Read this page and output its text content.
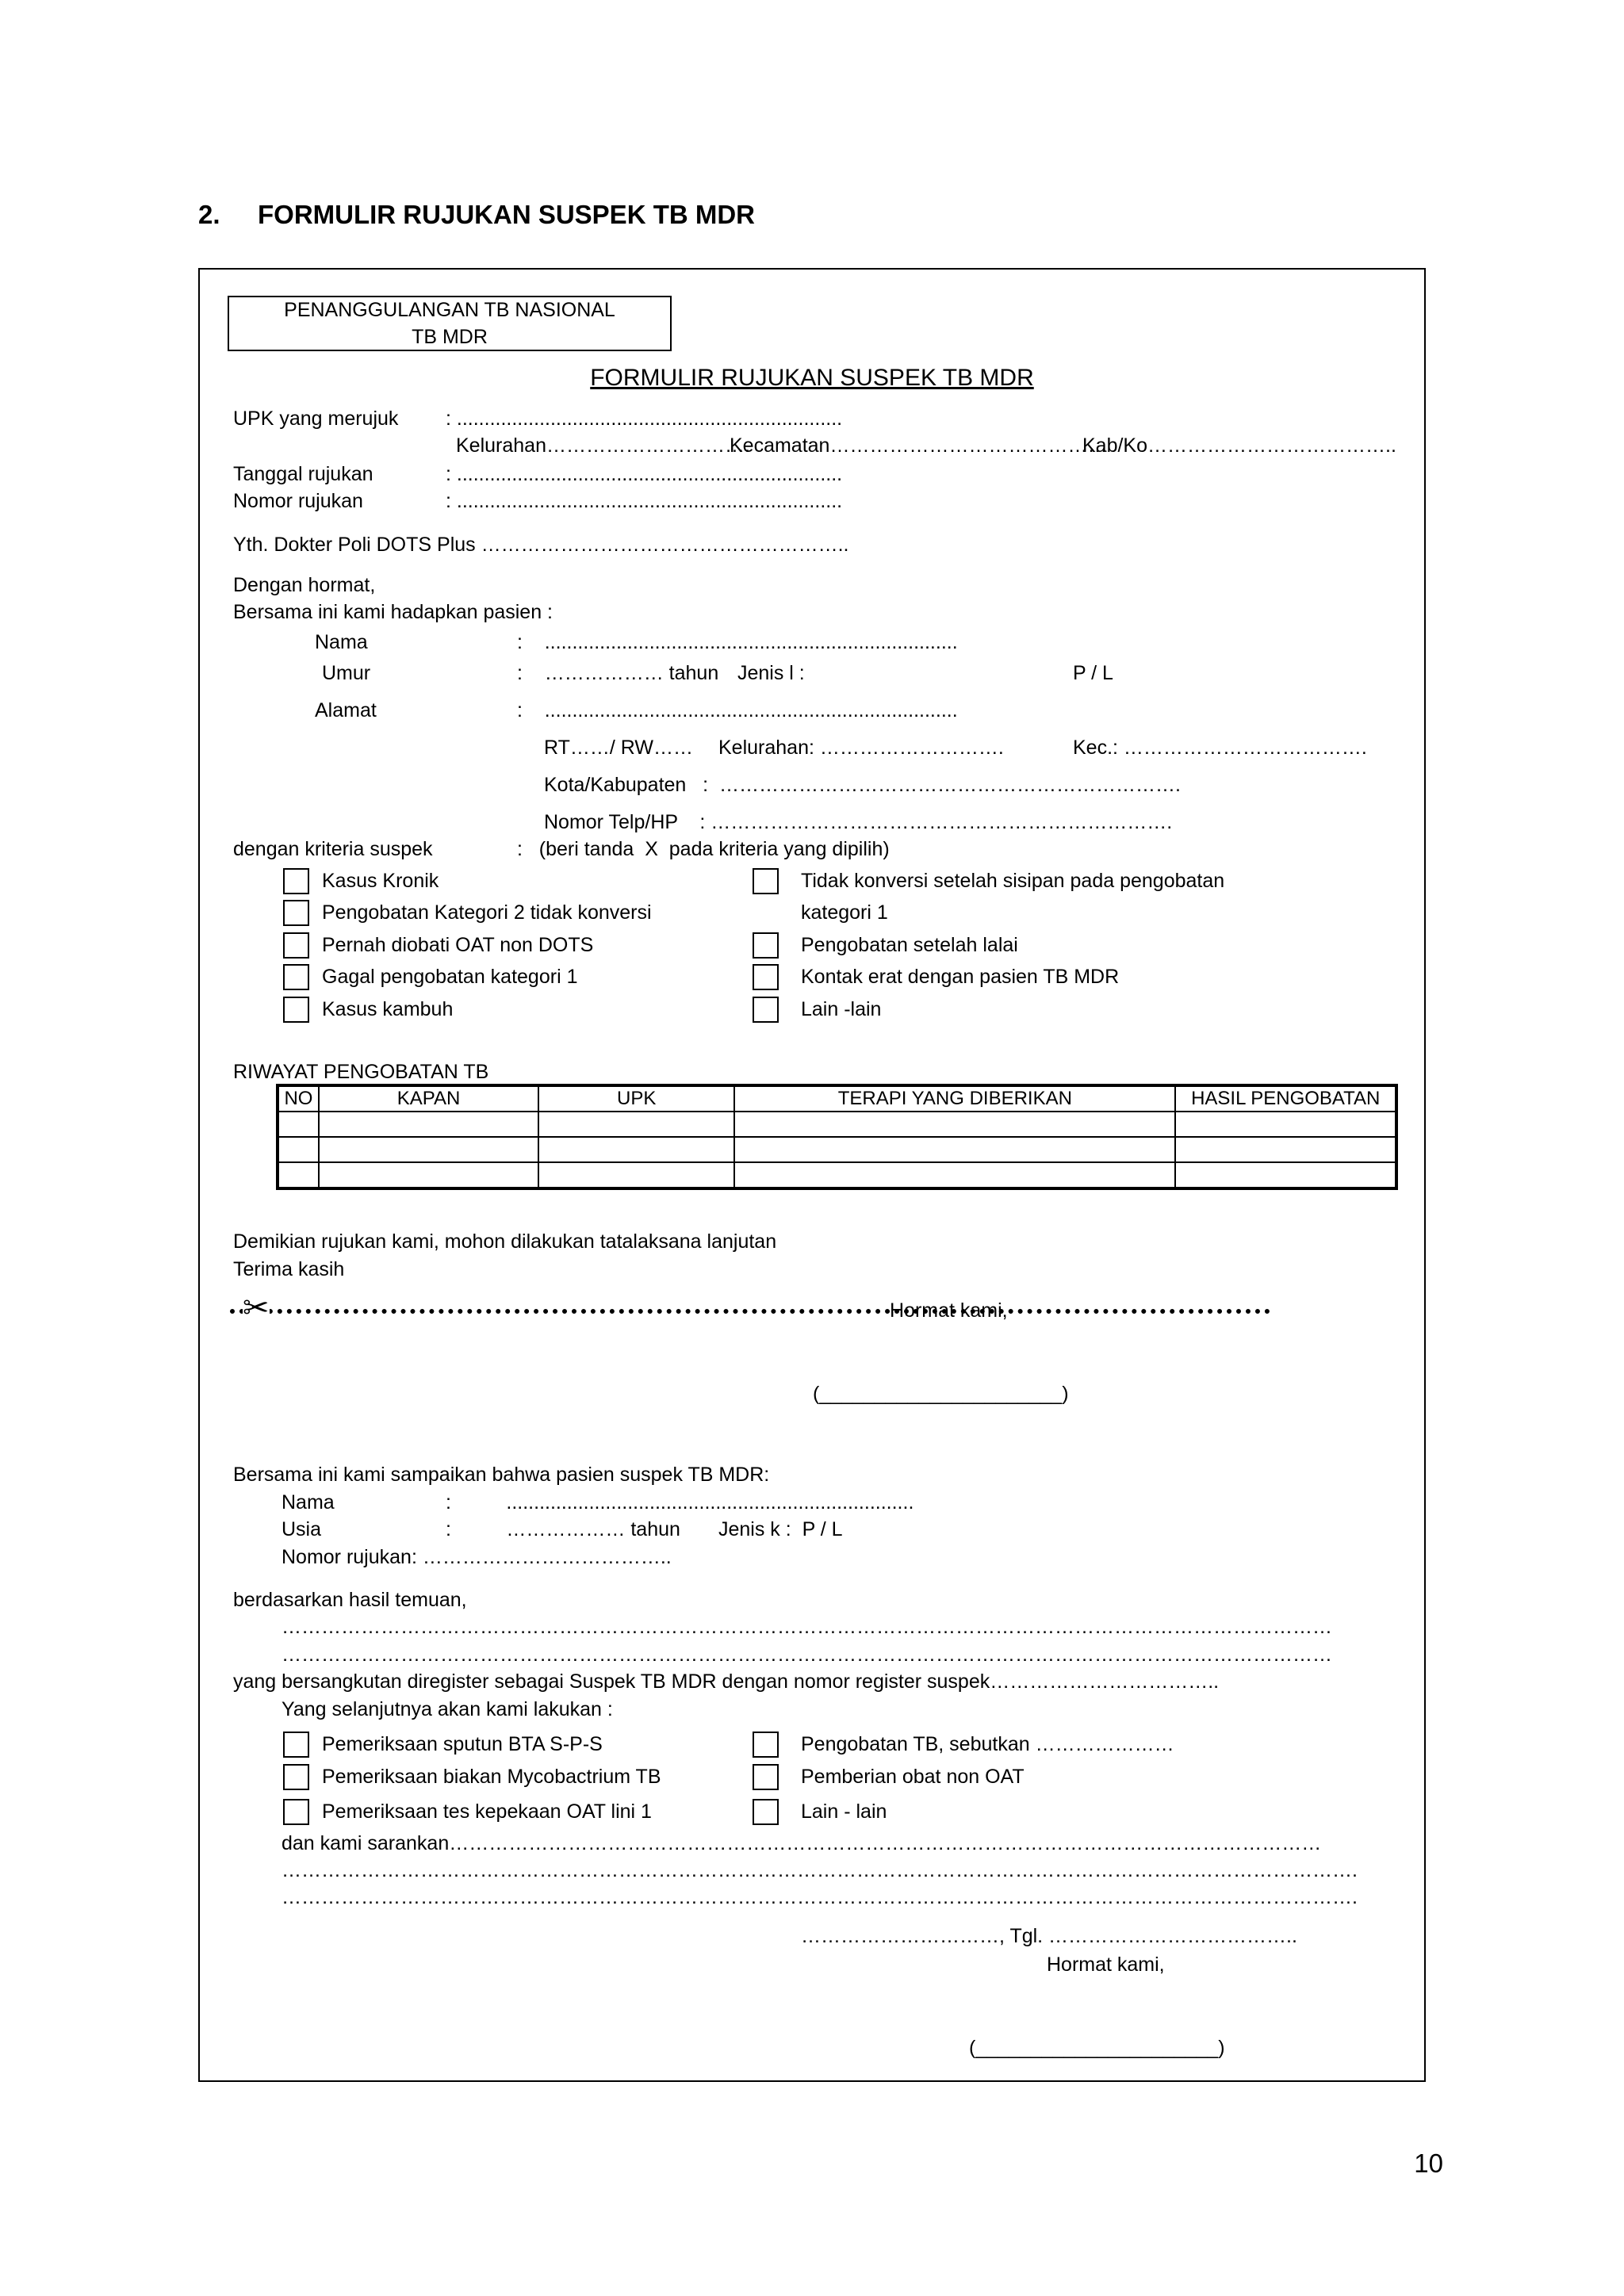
2. FORMULIR RUJUKAN SUSPEK TB MDR
PENANGGULANGAN TB NASIONAL
TB MDR
FORMULIR RUJUKAN SUSPEK TB MDR
UPK yang merujuk : ......................................................................
Kelurahan………………………….
Kecamatan……………………………………
Kab/Ko………………………………..
Tanggal rujukan	: ......................................................................
Nomor rujukan	: ......................................................................
Yth. Dokter Poli DOTS Plus ………………………………………………..
Dengan hormat,
Bersama ini kami hadapkan pasien :
Nama	:    ...........................................................................
Umur	:    ……………… tahun Jenis l :	P / L
Alamat	:    ...........................................................................
RT……/ RW…… Kelurahan: ……………………….	Kec.: ……………………………….
Kota/Kabupaten   :  …………………………………………………………….
Nomor Telp/HP    : …………………………………………………………….
dengan kriteria suspek	:   (beri tanda  X  pada kriteria yang dipilih)
Kasus Kronik
Pengobatan Kategori 2 tidak konversi
Pernah diobati OAT non DOTS
Gagal pengobatan kategori 1
Kasus kambuh
Tidak konversi setelah sisipan pada pengobatan
kategori 1
Pengobatan setelah lalai
Kontak erat dengan pasien TB MDR
Lain -lain
RIWAYAT PENGOBATAN TB
NO	KAPAN	UPK	TERAPI YANG DIBERIKAN	HASIL PENGOBATAN

Demikian rujukan kami, mohon dilakukan tatalaksana lanjutan
Terima kasih
✂	Hormat kami,
(______________________)
Bersama ini kami sampaikan bahwa pasien suspek TB MDR:
Nama	:          ..........................................................................
Usia	:          ……………… tahun Jenis k :  P / L
Nomor rujukan: ………………………………..
berdasarkan hasil temuan,
……………………………………………………………………………………………………………………………………………
……………………………………………………………………………………………………………………………………………
yang bersangkutan diregister sebagai Suspek TB MDR dengan nomor register suspek……………………………..
Yang selanjutnya akan kami lakukan :
Pemeriksaan sputun BTA S-P-S
Pemeriksaan biakan Mycobactrium TB
Pemeriksaan tes kepekaan OAT lini 1
Pengobatan TB, sebutkan …………………
Pemberian obat non OAT
Lain - lain
dan kami sarankan……………………………………………………………………………………………………………………
……………………………………………………………………………………………………………………………………………….
……………………………………………………………………………………………………………………………………………….
…………………………, Tgl. ………………………………..
Hormat kami,
(______________________)
10
